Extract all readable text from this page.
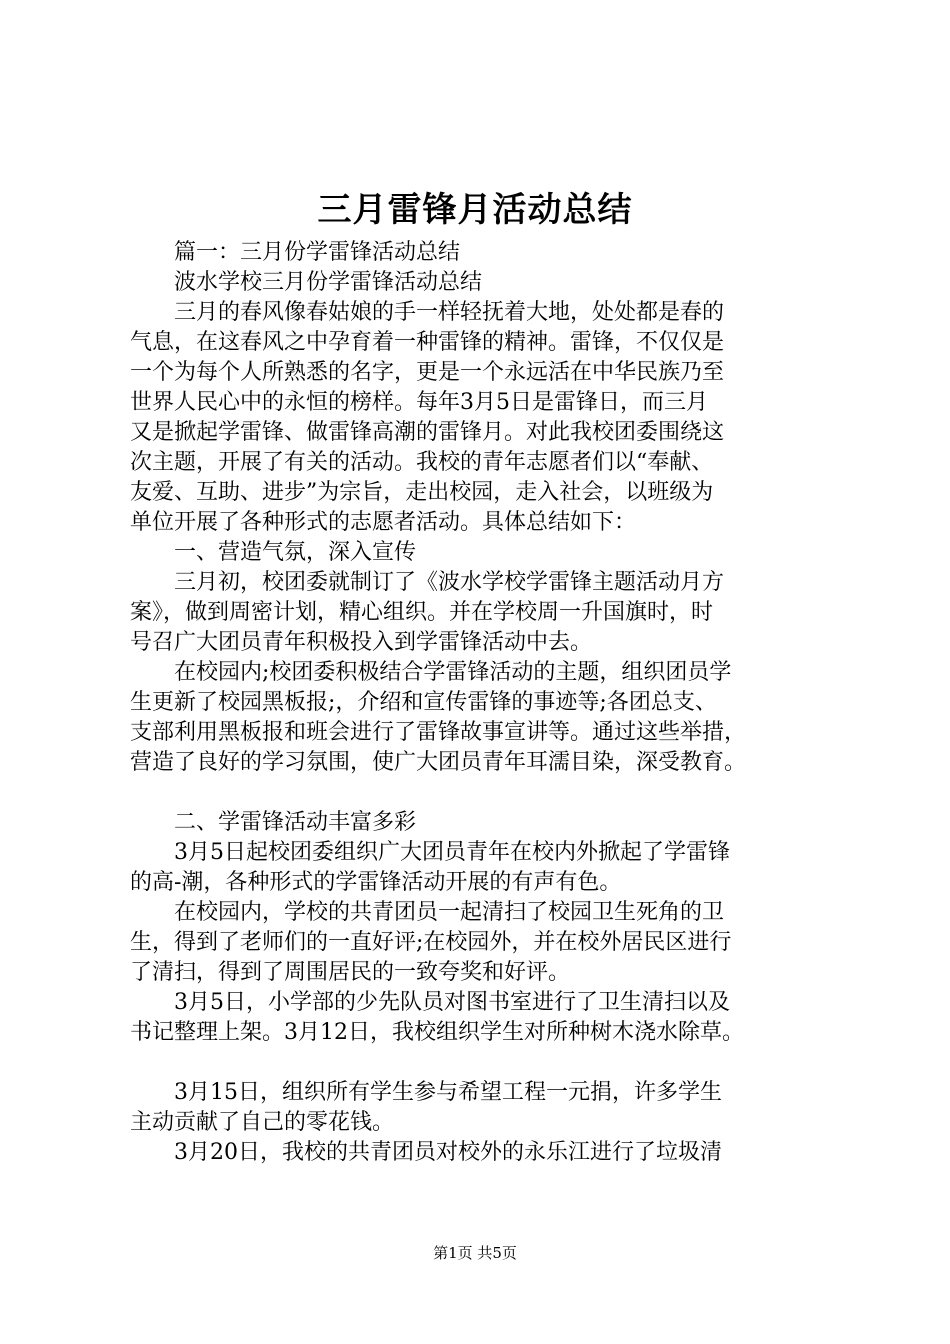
三月雷锋月活动总结
　　篇一：三月份学雷锋活动总结
　　波水学校三月份学雷锋活动总结
　　三月的春风像春姑娘的手一样轻抚着大地，处处都是春的
气息，在这春风之中孕育着一种雷锋的精神。雷锋，不仅仅是
一个为每个人所熟悉的名字，更是一个永远活在中华民族乃至
世界人民心中的永恒的榜样。每年3月5日是雷锋日，而三月
又是掀起学雷锋、做雷锋高潮的雷锋月。对此我校团委围绕这
次主题，开展了有关的活动。我校的青年志愿者们以“奉献、
友爱、互助、进步”为宗旨，走出校园，走入社会，以班级为
单位开展了各种形式的志愿者活动。具体总结如下：
　　一、营造气氛，深入宣传
　　三月初，校团委就制订了《波水学校学雷锋主题活动月方
案》，做到周密计划，精心组织。并在学校周一升国旗时，时
号召广大团员青年积极投入到学雷锋活动中去。
　　在校园内;校团委积极结合学雷锋活动的主题，组织团员学
生更新了校园黑板报;，介绍和宣传雷锋的事迹等;各团总支、
支部利用黑板报和班会进行了雷锋故事宣讲等。通过这些举措，
营造了良好的学习氛围，使广大团员青年耳濡目染，深受教育。
　　二、学雷锋活动丰富多彩
　　3月5日起校团委组织广大团员青年在校内外掀起了学雷锋
的高-潮，各种形式的学雷锋活动开展的有声有色。
　　在校园内，学校的共青团员一起清扫了校园卫生死角的卫
生，得到了老师们的一直好评;在校园外，并在校外居民区进行
了清扫，得到了周围居民的一致夸奖和好评。
　　3月5日，小学部的少先队员对图书室进行了卫生清扫以及
书记整理上架。3月12日，我校组织学生对所种树木浇水除草。
　　3月15日，组织所有学生参与希望工程一元捐，许多学生
主动贡献了自己的零花钱。
　　3月20日，我校的共青团员对校外的永乐江进行了垃圾清
第1页 共5页
